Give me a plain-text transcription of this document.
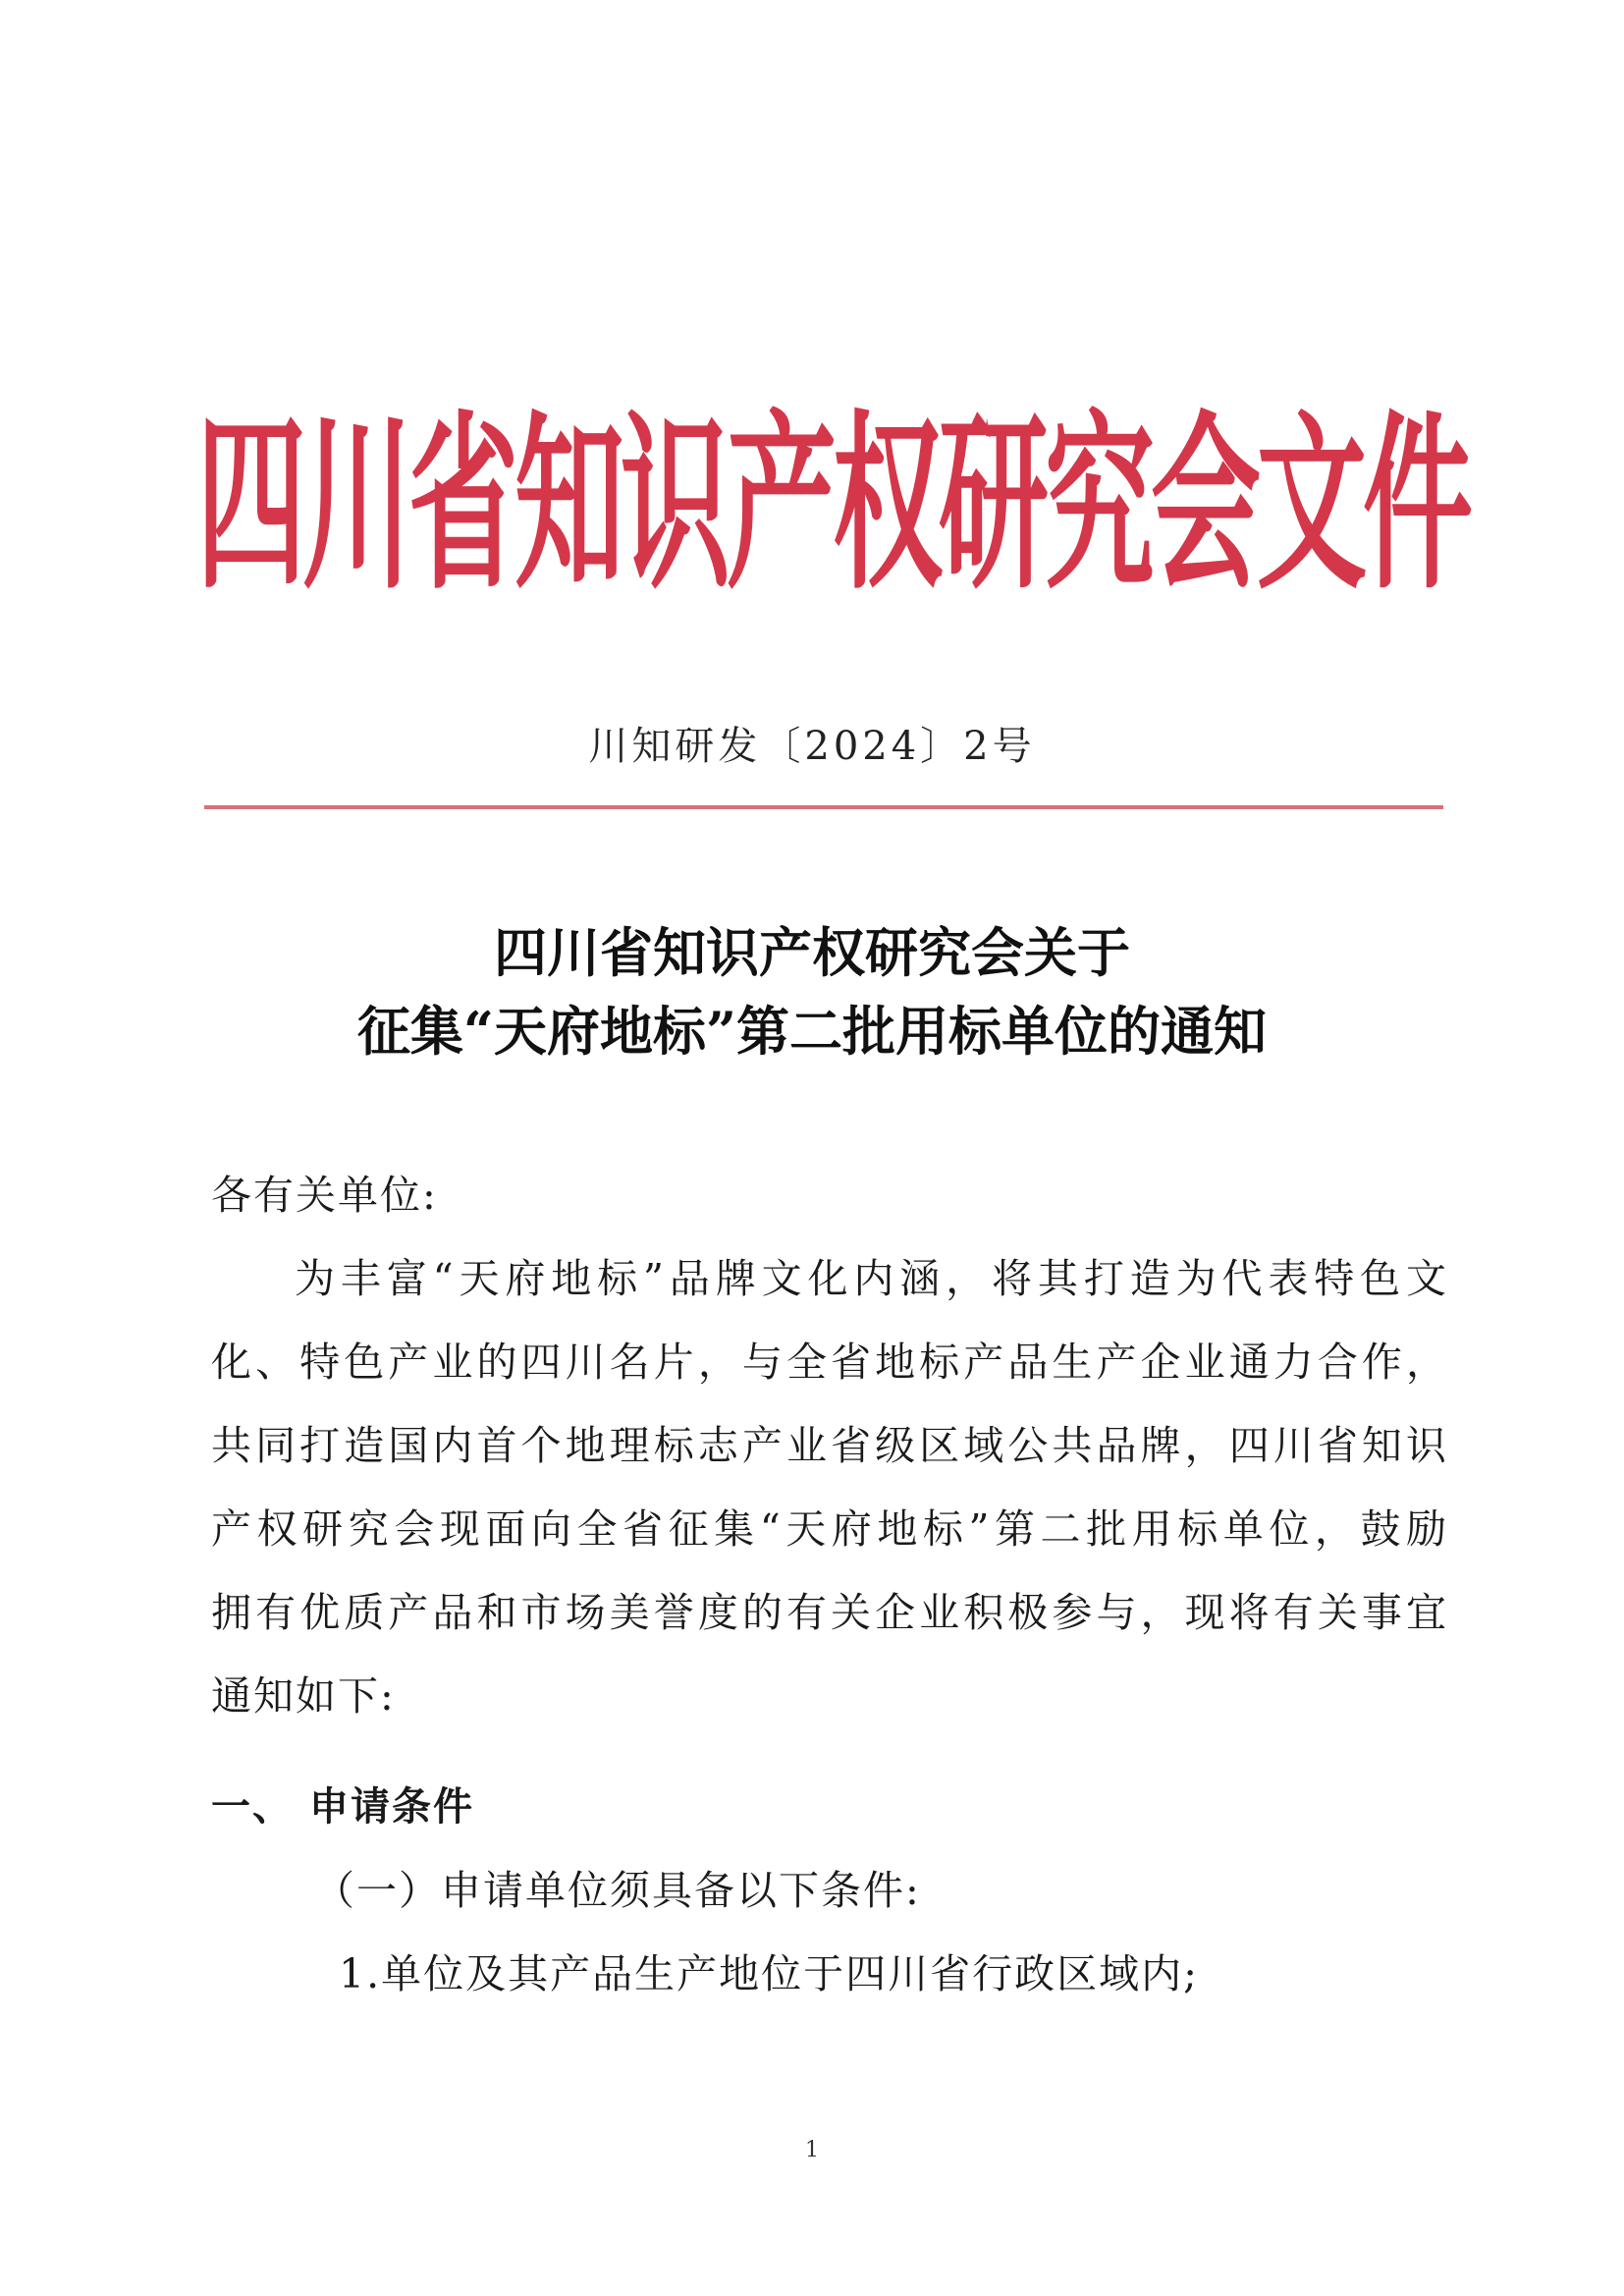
四川省知识产权研究会文件
川知研发〔2024〕2号
四川省知识产权研究会关于
征集“天府地标”第二批用标单位的通知
各有关单位:
为丰富“天府地标”品牌文化内涵，将其打造为代表特色文
化、特色产业的四川名片，与全省地标产品生产企业通力合作，
共同打造国内首个地理标志产业省级区域公共品牌，四川省知识
产权研究会现面向全省征集“天府地标”第二批用标单位，鼓励
拥有优质产品和市场美誉度的有关企业积极参与，现将有关事宜
通知如下:
一、 申请条件
（一）申请单位须具备以下条件:
1.单位及其产品生产地位于四川省行政区域内;
1
